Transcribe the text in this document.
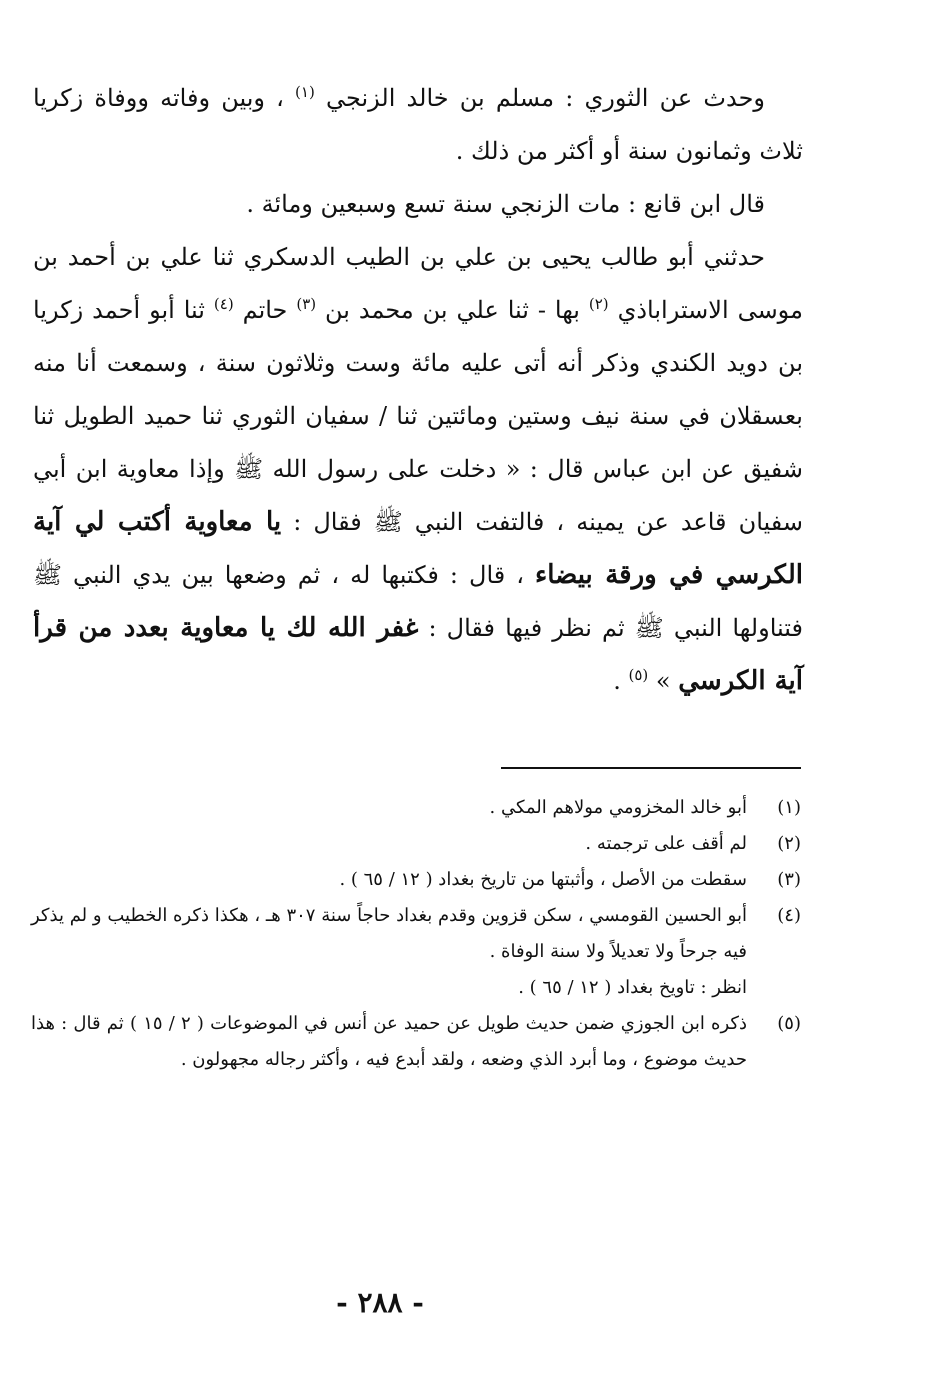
وحدث عن الثوري : مسلم بن خالد الزنجي $^{(١)}$ ، وبين وفاته ووفاة زكريا ثلاث وثمانون سنة أو أكثر من ذلك .

قال ابن قانع : مات الزنجي سنة تسع وسبعين ومائة .

حدثني أبو طالب يحيى بن علي بن الطيب الدسكري ثنا علي بن أحمد بن موسى الاستراباذي $^{(٢)}$ بها - ثنا علي بن محمد بن $^{(٣)}$ حاتم $^{(٤)}$ ثنا أبو أحمد زكريا بن دويد الكندي وذكر أنه أتى عليه مائة وست وثلاثون سنة ، وسمعت أنا منه بعسقلان في سنة نيف وستين ومائتين ثنا / سفيان الثوري ثنا حميد الطويل ثنا شفيق عن ابن عباس قال : « دخلت على رسول الله ﷺ وإذا معاوية ابن أبي سفيان قاعد عن يمينه ، فالتفت النبي ﷺ فقال : يا معاوية أكتب لي آية الكرسي في ورقة بيضاء ، قال : فكتبها له ، ثم وضعها بين يدي النبي ﷺ فتناولها النبي ﷺ ثم نظر فيها فقال : غفر الله لك يا معاوية بعدد من قرأ آية الكرسي » $^{(٥)}$ .

(١)
أبو خالد المخزومي مولاهم المكي .
(٢)
لم أقف على ترجمته .
(٣)
سقطت من الأصل ، وأثبتها من تاريخ بغداد ( ١٢ / ٦٥ ) .
(٤)
أبو الحسين القومسي ، سكن قزوين وقدم بغداد حاجاً سنة ٣٠٧ هـ ، هكذا ذكره الخطيب و لم يذكر فيه جرحاً ولا تعديلاً ولا سنة الوفاة .
انظر : تاويخ بغداد ( ١٢ / ٦٥ ) .
(٥)
ذكره ابن الجوزي ضمن حديث طويل عن حميد عن أنس في الموضوعات ( ٢ / ١٥ ) ثم قال : هذا حديث موضوع ، وما أبرد الذي وضعه ، ولقد أبدع فيه ، وأكثر رجاله مجهولون .
- ٢٨٨ -
